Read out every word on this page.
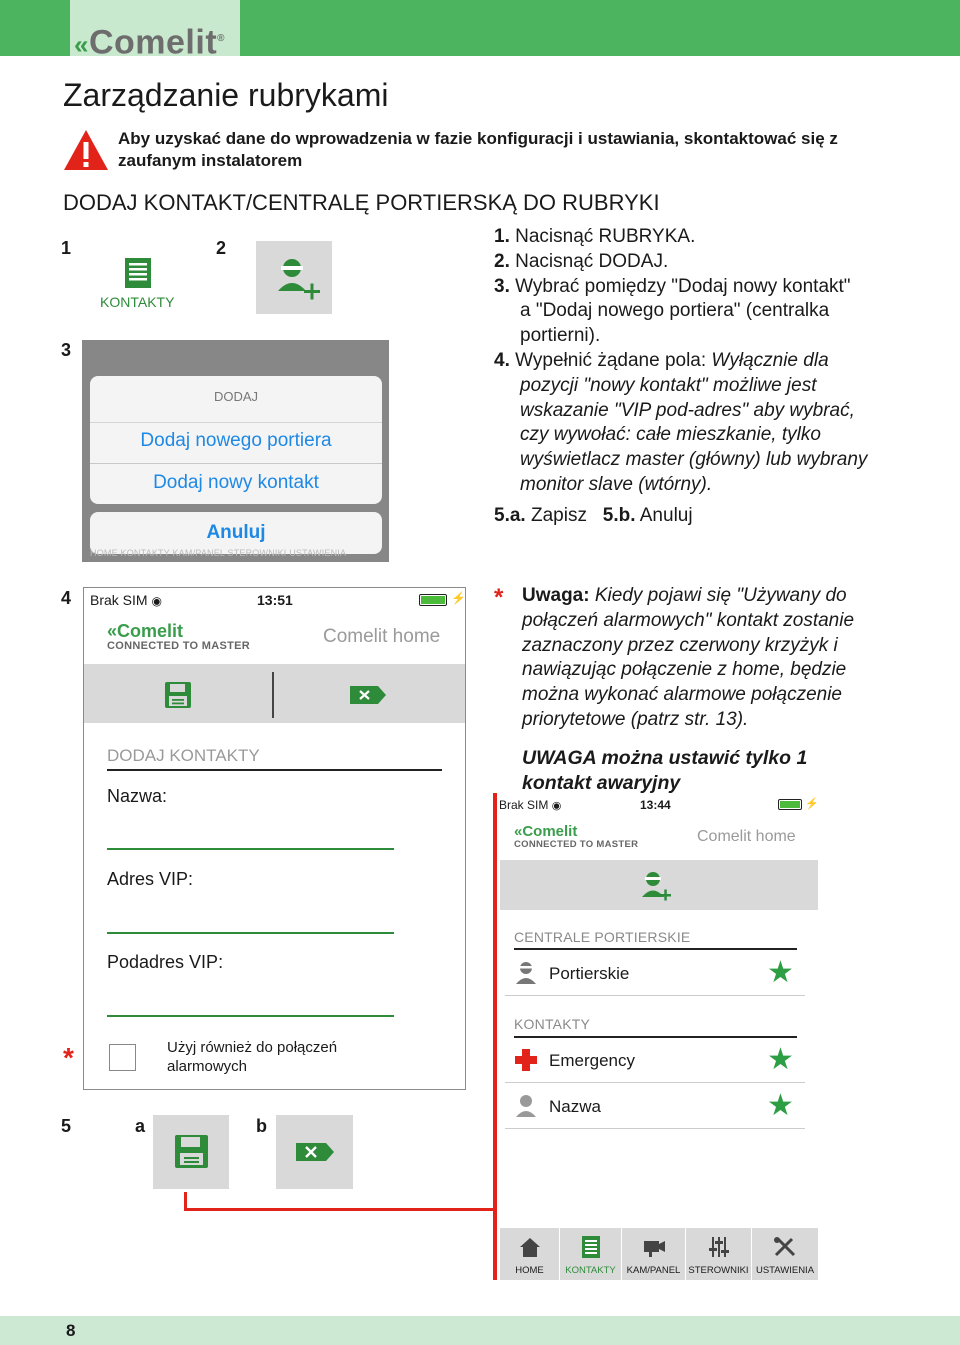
«Comelit®
Zarządzanie rubrykami
Aby uzyskać dane do wprowadzenia w fazie konfiguracji i ustawiania, skontaktować się z zaufanym instalatorem
DODAJ KONTAKT/CENTRALĘ PORTIERSKĄ DO RUBRYKI
1	2
3
4
5	a	b
1. Nacisnąć RUBRYKA.
2. Nacisnąć DODAJ.
3. Wybrać pomiędzy "Dodaj nowy kontakt"
a "Dodaj nowego portiera" (centralka
portierni).
4. Wypełnić żądane pola: Wyłącznie dla
pozycji "nowy kontakt" możliwe jest
wskazanie "VIP pod-adres" aby wybrać,
czy wywołać: całe mieszkanie, tylko
wyświetlacz master (główny) lub wybrany
monitor slave (wtórny).
5.a. Zapisz 5.b. Anuluj
KONTAKTY
DODAJ
Dodaj nowego portiera
Dodaj nowy kontakt
Anuluj
HOME KONTAKTY KAM/PANEL STEROWNIKI USTAWIENIA
Brak SIM ◉	13:51	⚡
«Comelit
CONNECTED TO MASTER	Comelit home
DODAJ KONTAKTY
Nazwa:
Adres VIP:
Podadres VIP:
Użyj również do połączeń
alarmowych
*
* Uwaga: Kiedy pojawi się "Używany do
połączeń alarmowych" kontakt zostanie
zaznaczony przez czerwony krzyżyk i
nawiązując połączenie z home, będzie
można wykonać alarmowe połączenie
priorytetowe (patrz str. 13).
UWAGA można ustawić tylko 1
kontakt awaryjny
Brak SIM ◉	13:44	⚡
«Comelit
CONNECTED TO MASTER	Comelit home
CENTRALE PORTIERSKIE
Portierskie	★
KONTAKTY
Emergency	★
Nazwa	★
HOME	KONTAKTY	KAM/PANEL STEROWNIKI USTAWIENIA
8
